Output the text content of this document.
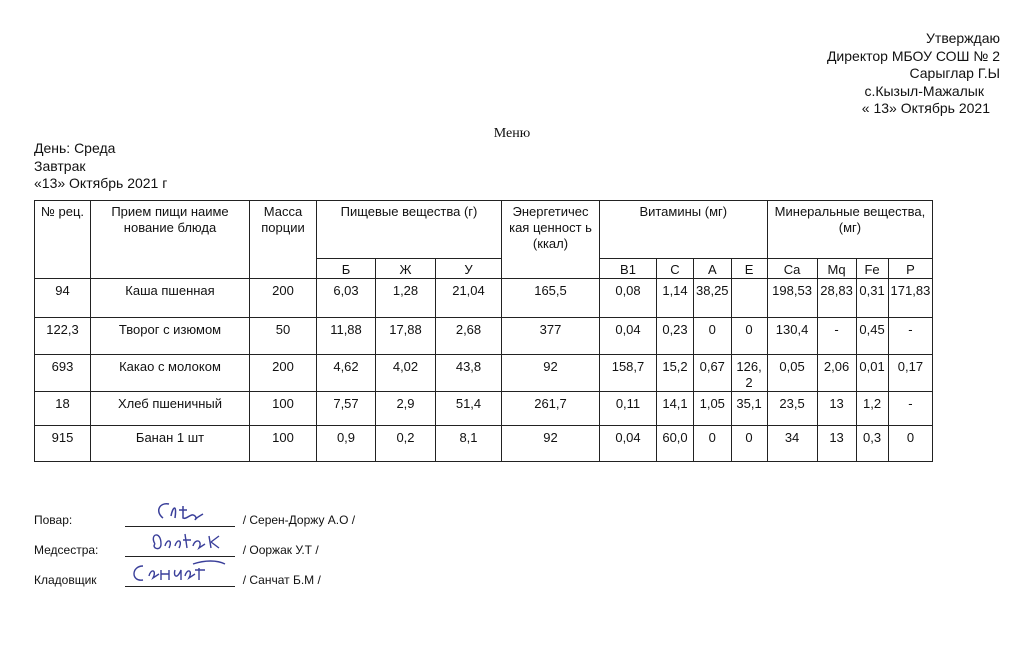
Утверждаю
Директор МБОУ СОШ № 2
Сарыглар Г.Ы
с.Кызыл-Мажалык
« 13» Октябрь 2021
Меню
День: Среда
Завтрак
«13» Октябрь 2021 г
№ рец.	Прием пищи наиме нование блюда	Масса порции	Пищевые вещества (г)			Энергетичес кая ценност ь (ккал)	Витамины (мг)				Минеральные вещества, (мг)			
			Б	Ж	У		B1	C	A	E	Ca	Mq	Fe	P
94	Каша пшенная	200	6,03	1,28	21,04	165,5	0,08	1,14	38,25		198,53	28,83	0,31	171,83
122,3	Творог с изюмом	50	11,88	17,88	2,68	377	0,04	0,23	0	0	130,4	-	0,45	-
693	Какао с молоком	200	4,62	4,02	43,8	92	158,7	15,2	0,67	126, 2	0,05	2,06	0,01	0,17
18	Хлеб пшеничный	100	7,57	2,9	51,4	261,7	0,11	14,1	1,05	35,1	23,5	13	1,2	-
915	Банан 1 шт	100	0,9	0,2	8,1	92	0,04	60,0	0	0	34	13	0,3	0
Повар:	/ Серен-Доржу А.О /
Медсестра:	/ Ооржак У.Т /
Кладовщик	/ Санчат Б.М /
